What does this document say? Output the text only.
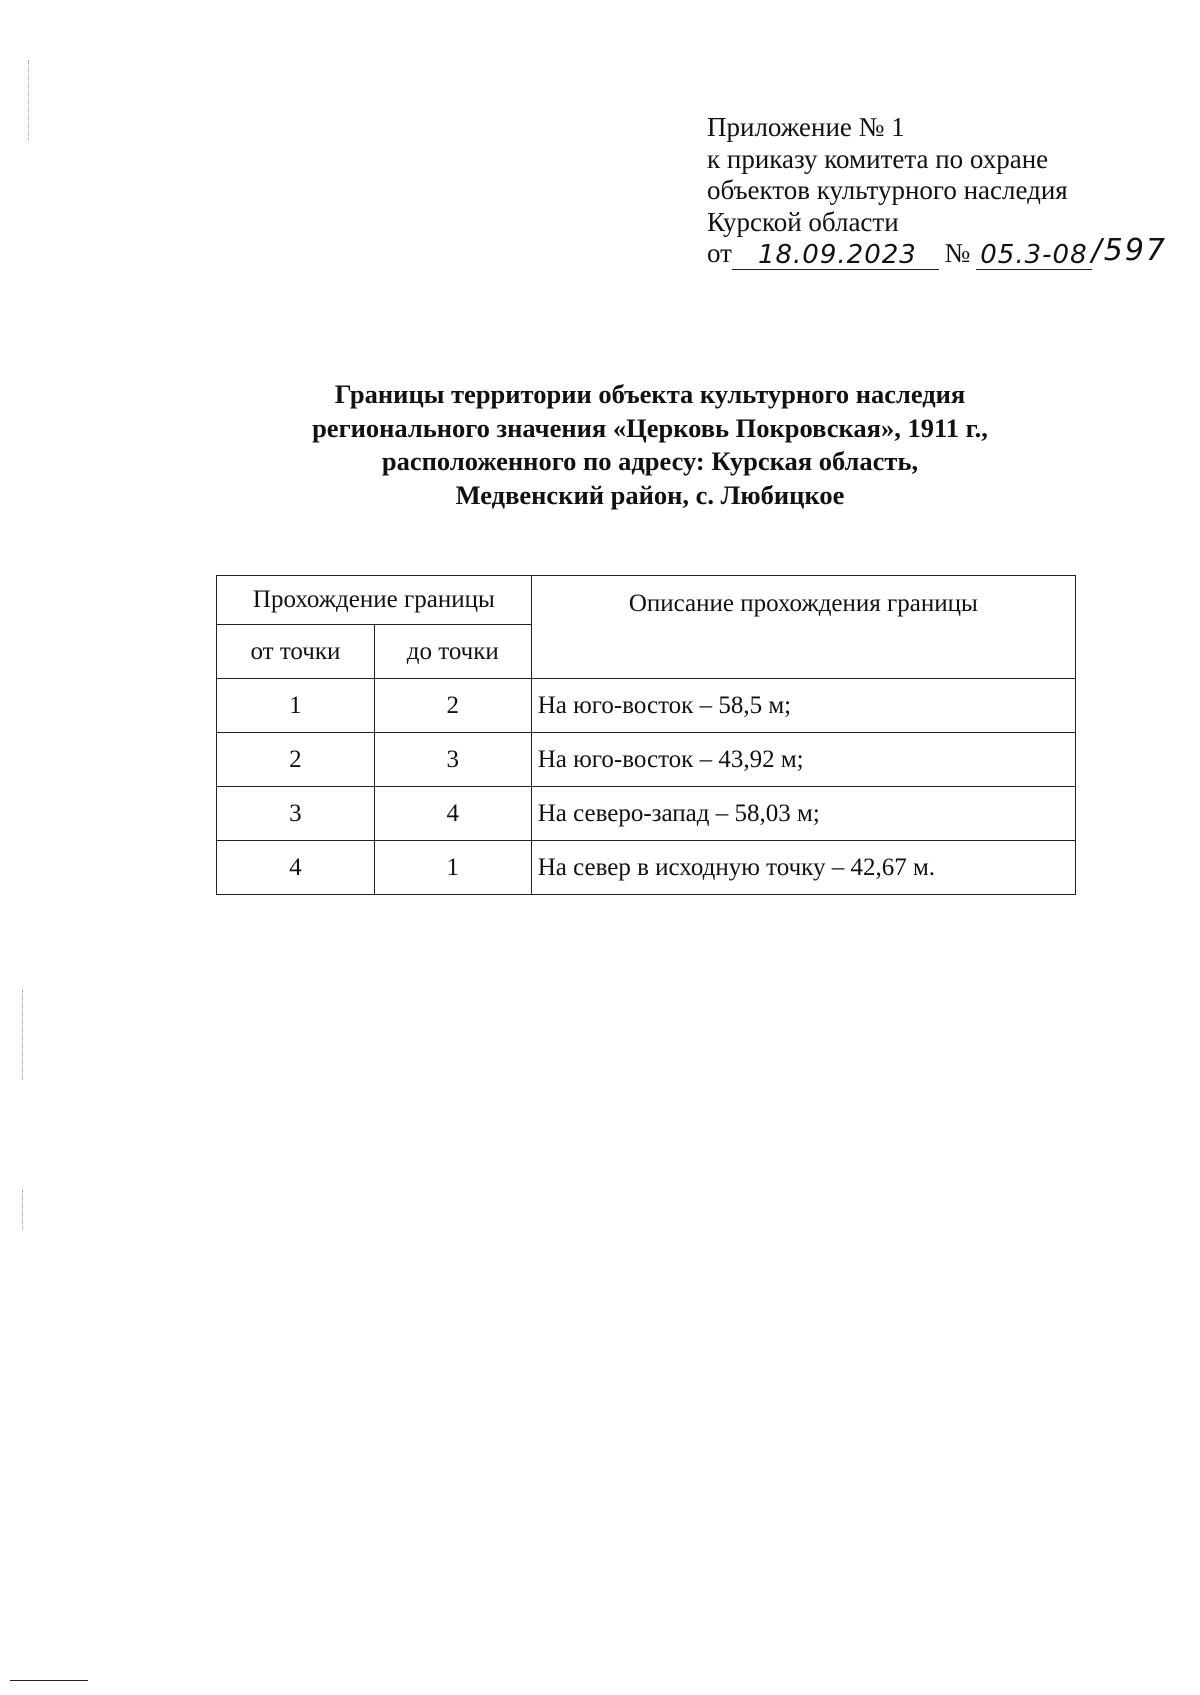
Приложение № 1
к приказу комитета по охране
объектов культурного наследия
Курской области
от	18.09.2023	№ 05.3-08 /597
Границы территории объекта культурного наследия
регионального значения «Церковь Покровская», 1911 г.,
расположенного по адресу: Курская область,
Медвенский район, с. Любицкое
Прохождение границы		Описание прохождения границы
от точки	до точки	
1	2	На юго-восток – 58,5 м;
2	3	На юго-восток – 43,92 м;
3	4	На северо-запад – 58,03 м;
4	1	На север в исходную точку – 42,67 м.
